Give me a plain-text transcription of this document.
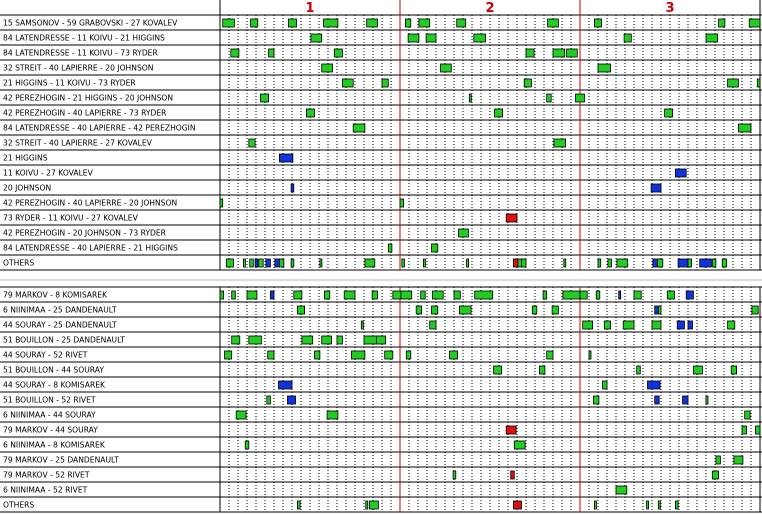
1	2	3
15 SAMSONOV - 59 GRABOVSKI - 27 KOVALEV
84 LATENDRESSE - 11 KOIVU - 21 HIGGINS
84 LATENDRESSE - 11 KOIVU - 73 RYDER
32 STREIT - 40 LAPIERRE - 20 JOHNSON
21 HIGGINS - 11 KOIVU - 73 RYDER
42 PEREZHOGIN - 21 HIGGINS - 20 JOHNSON
42 PEREZHOGIN - 40 LAPIERRE - 73 RYDER
84 LATENDRESSE - 40 LAPIERRE - 42 PEREZHOGIN
32 STREIT - 40 LAPIERRE - 27 KOVALEV
21 HIGGINS
11 KOIVU - 27 KOVALEV
20 JOHNSON
42 PEREZHOGIN - 40 LAPIERRE - 20 JOHNSON
73 RYDER - 11 KOIVU - 27 KOVALEV
42 PEREZHOGIN - 20 JOHNSON - 73 RYDER
84 LATENDRESSE - 40 LAPIERRE - 21 HIGGINS
OTHERS
79 MARKOV - 8 KOMISAREK
6 NIINIMAA - 25 DANDENAULT
44 SOURAY - 25 DANDENAULT
51 BOUILLON - 25 DANDENAULT
44 SOURAY - 52 RIVET
51 BOUILLON - 44 SOURAY
44 SOURAY - 8 KOMISAREK
51 BOUILLON - 52 RIVET
6 NIINIMAA - 44 SOURAY
79 MARKOV - 44 SOURAY
6 NIINIMAA - 8 KOMISAREK
79 MARKOV - 25 DANDENAULT
79 MARKOV - 52 RIVET
6 NIINIMAA - 52 RIVET
OTHERS
